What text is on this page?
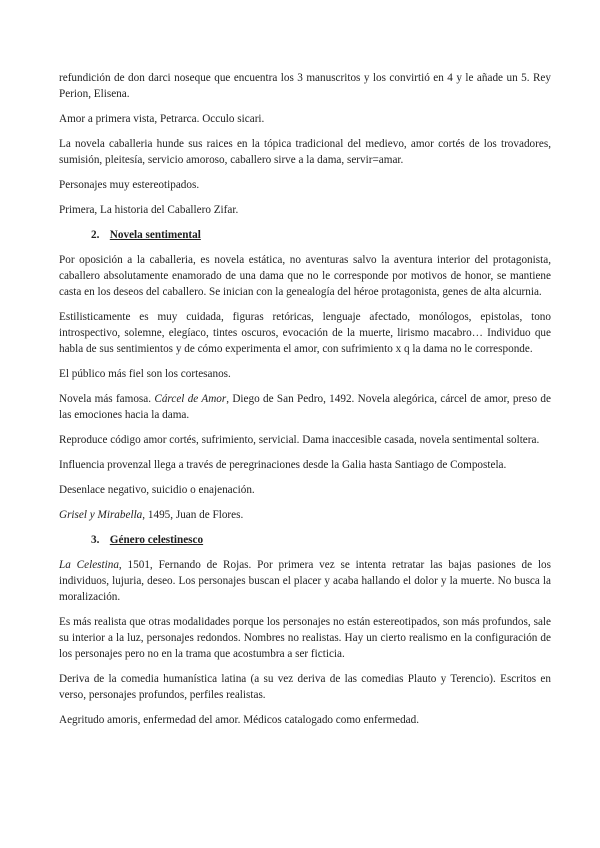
refundición de don darci noseque que encuentra los 3 manuscritos y los convirtió en 4 y le añade un 5. Rey Perion, Elisena.

Amor a primera vista, Petrarca. Occulo sicari.

La novela caballeria hunde sus raices en la tópica tradicional del medievo, amor cortés de los trovadores, sumisión, pleitesía, servicio amoroso, caballero sirve a la dama, servir=amar.

Personajes muy estereotipados.

Primera, La historia del Caballero Zifar.

2. Novela sentimental

Por oposición a la caballeria, es novela estática, no aventuras salvo la aventura interior del protagonista, caballero absolutamente enamorado de una dama que no le corresponde por motivos de honor, se mantiene casta en los deseos del caballero. Se inician con la genealogía del héroe protagonista, genes de alta alcurnia.

Estilisticamente es muy cuidada, figuras retóricas, lenguaje afectado, monólogos, epistolas, tono introspectivo, solemne, elegíaco, tintes oscuros, evocación de la muerte, lirismo macabro… Individuo que habla de sus sentimientos y de cómo experimenta el amor, con sufrimiento x q la dama no le corresponde.

El público más fiel son los cortesanos.

Novela más famosa. Cárcel de Amor, Diego de San Pedro, 1492. Novela alegórica, cárcel de amor, preso de las emociones hacia la dama.

Reproduce código amor cortés, sufrimiento, servicial. Dama inaccesible casada, novela sentimental soltera.

Influencia provenzal llega a través de peregrinaciones desde la Galia hasta Santiago de Compostela.

Desenlace negativo, suicidio o enajenación.

Grisel y Mirabella, 1495, Juan de Flores.

3. Género celestinesco

La Celestina, 1501, Fernando de Rojas. Por primera vez se intenta retratar las bajas pasiones de los individuos, lujuria, deseo. Los personajes buscan el placer y acaba hallando el dolor y la muerte. No busca la moralización.

Es más realista que otras modalidades porque los personajes no están estereotipados, son más profundos, sale su interior a la luz, personajes redondos. Nombres no realistas. Hay un cierto realismo en la configuración de los personajes pero no en la trama que acostumbra a ser ficticia.

Deriva de la comedia humanística latina (a su vez deriva de las comedias Plauto y Terencio). Escritos en verso, personajes profundos, perfiles realistas.

Aegritudo amoris, enfermedad del amor. Médicos catalogado como enfermedad.
